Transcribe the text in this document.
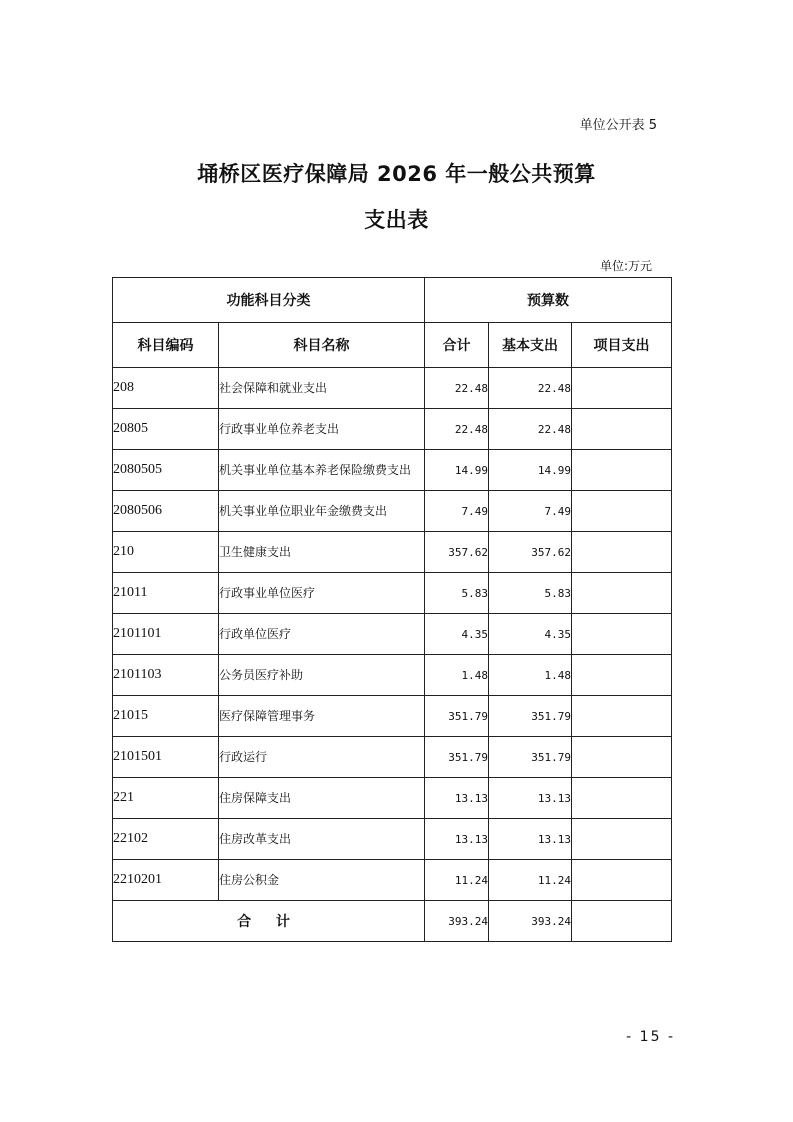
单位公开表 5
埇桥区医疗保障局 2026 年一般公共预算
支出表
单位:万元
功能科目分类		预算数		
科目编码	科目名称	合计	基本支出	项目支出
208	社会保障和就业支出	22.48	22.48	
20805	行政事业单位养老支出	22.48	22.48	
2080505	机关事业单位基本养老保险缴费支出	14.99	14.99	
2080506	机关事业单位职业年金缴费支出	7.49	7.49	
210	卫生健康支出	357.62	357.62	
21011	行政事业单位医疗	5.83	5.83	
2101101	行政单位医疗	4.35	4.35	
2101103	公务员医疗补助	1.48	1.48	
21015	医疗保障管理事务	351.79	351.79	
2101501	行政运行	351.79	351.79	
221	住房保障支出	13.13	13.13	
22102	住房改革支出	13.13	13.13	
2210201	住房公积金	11.24	11.24	
合 计		393.24	393.24	
- 15 -
